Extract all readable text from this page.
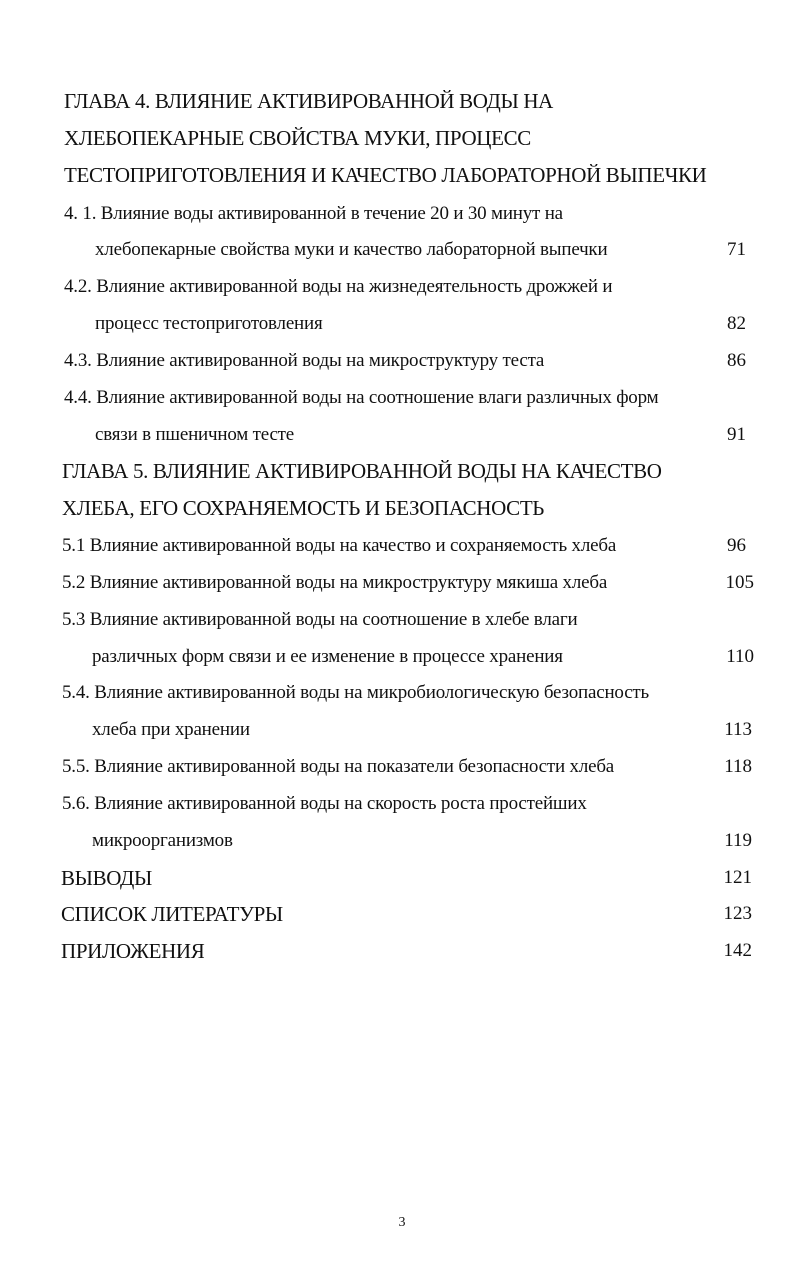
ГЛАВА 4. ВЛИЯНИЕ АКТИВИРОВАННОЙ ВОДЫ НА
ХЛЕБОПЕКАРНЫЕ СВОЙСТВА МУКИ, ПРОЦЕСС
ТЕСТОПРИГОТОВЛЕНИЯ И КАЧЕСТВО ЛАБОРАТОРНОЙ ВЫПЕЧКИ
4. 1. Влияние воды активированной в течение 20 и 30 минут на
хлебопекарные свойства муки и качество лабораторной выпечки	71
4.2. Влияние активированной воды на жизнедеятельность дрожжей и
процесс тестоприготовления	82
4.3. Влияние активированной воды на микроструктуру теста	86
4.4. Влияние активированной воды на соотношение влаги различных форм
связи в пшеничном тесте	91
ГЛАВА 5. ВЛИЯНИЕ АКТИВИРОВАННОЙ ВОДЫ НА КАЧЕСТВО
ХЛЕБА, ЕГО СОХРАНЯЕМОСТЬ И БЕЗОПАСНОСТЬ
5.1 Влияние активированной воды на качество и сохраняемость хлеба	96
5.2 Влияние активированной воды на микроструктуру мякиша хлеба	105
5.3 Влияние активированной воды на соотношение в хлебе влаги
различных форм связи и ее изменение в процессе хранения	110
5.4. Влияние активированной воды на микробиологическую безопасность
хлеба при хранении	113
5.5. Влияние активированной воды на показатели безопасности хлеба	118
5.6. Влияние активированной воды на скорость роста простейших
микроорганизмов	119
ВЫВОДЫ	121
СПИСОК ЛИТЕРАТУРЫ	123
ПРИЛОЖЕНИЯ	142
3
